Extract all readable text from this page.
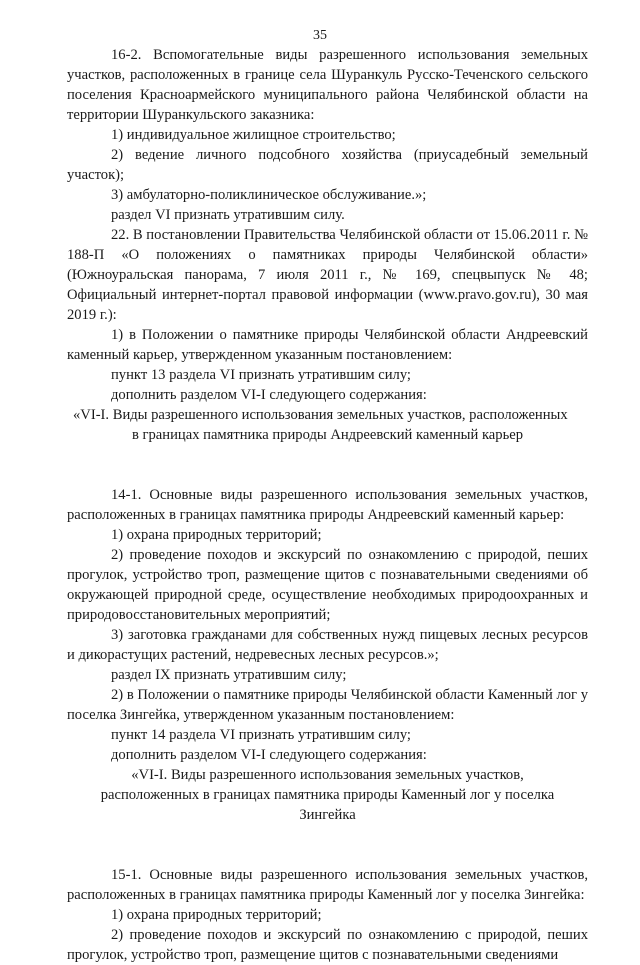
35

16-2. Вспомогательные виды разрешенного использования земельных участков, расположенных в границе села Шуранкуль Русско-Теченского сельского поселения Красноармейского муниципального района Челябинской области на территории Шуранкульского заказника:

1) индивидуальное жилищное строительство;

2) ведение личного подсобного хозяйства (приусадебный земельный участок);

3) амбулаторно-поликлиническое обслуживание.»;

раздел VI признать утратившим силу.

22. В постановлении Правительства Челябинской области от 15.06.2011 г. № 188-П «О положениях о памятниках природы Челябинской области» (Южноуральская панорама, 7 июля 2011 г., № 169, спецвыпуск № 48; Официальный интернет-портал правовой информации (www.pravo.gov.ru), 30 мая 2019 г.):

1) в Положении о памятнике природы Челябинской области Андреевский каменный карьер, утвержденном указанным постановлением:

пункт 13 раздела VI признать утратившим силу;

дополнить разделом VI-I следующего содержания:

«VI-I. Виды разрешенного использования земельных участков, расположенных

в границах памятника природы Андреевский каменный карьер

14-1. Основные виды разрешенного использования земельных участков, расположенных в границах памятника природы Андреевский каменный карьер:

1) охрана природных территорий;

2) проведение походов и экскурсий по ознакомлению с природой, пеших прогулок, устройство троп, размещение щитов с познавательными сведениями об окружающей природной среде, осуществление необходимых природоохранных и природовосстановительных мероприятий;

3) заготовка гражданами для собственных нужд пищевых лесных ресурсов и дикорастущих растений, недревесных лесных ресурсов.»;

раздел IX признать утратившим силу;

2) в Положении о памятнике природы Челябинской области Каменный лог у поселка Зингейка, утвержденном указанным постановлением:

пункт 14 раздела VI признать утратившим силу;

дополнить разделом VI-I следующего содержания:

«VI-I. Виды разрешенного использования земельных участков,

расположенных в границах памятника природы Каменный лог у поселка

Зингейка

15-1. Основные виды разрешенного использования земельных участков, расположенных в границах памятника природы Каменный лог у поселка Зингейка:

1) охрана природных территорий;

2) проведение походов и экскурсий по ознакомлению с природой, пеших прогулок, устройство троп, размещение щитов с познавательными сведениями
